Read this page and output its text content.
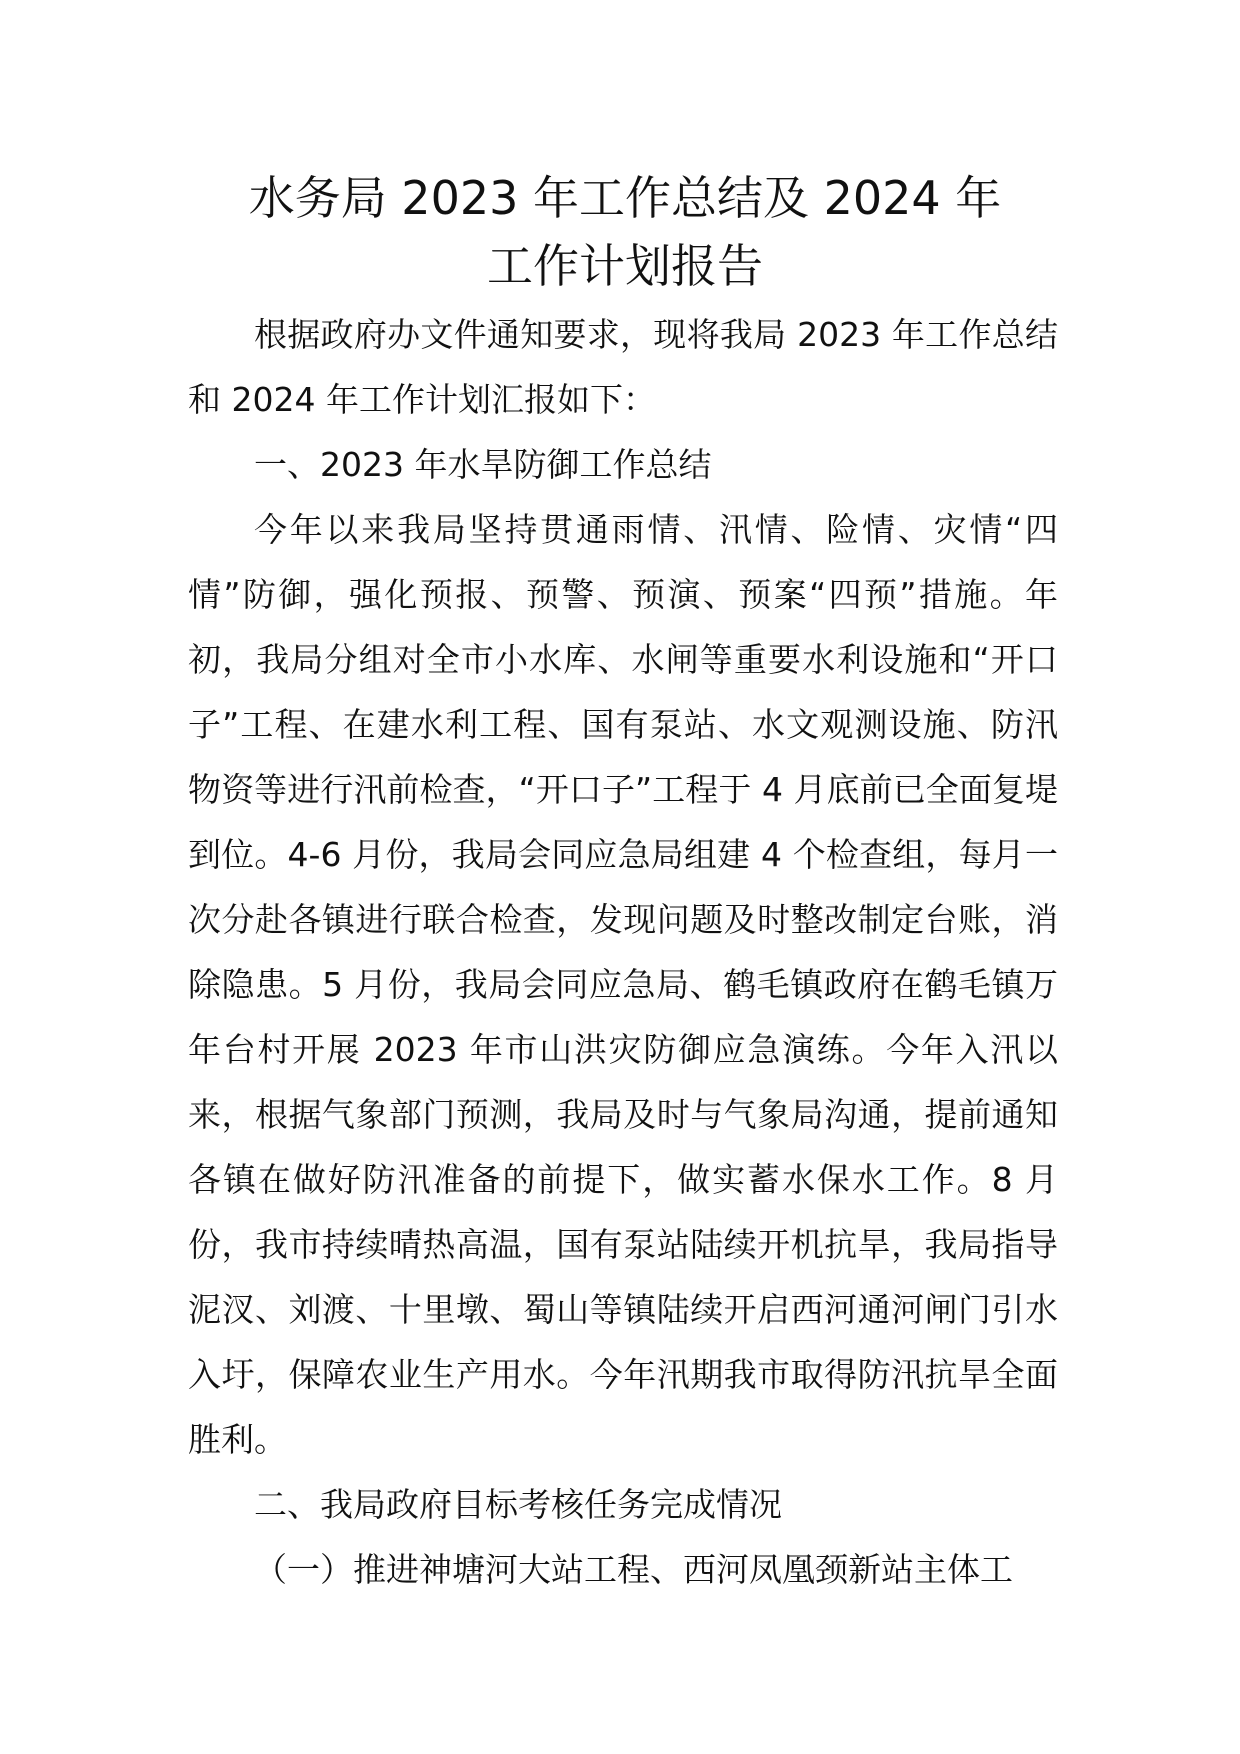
水务局 2023 年工作总结及 2024 年
工作计划报告

根据政府办文件通知要求，现将我局 2023 年工作总结和 2024 年工作计划汇报如下：

一、2023 年水旱防御工作总结

今年以来我局坚持贯通雨情、汛情、险情、灾情“四情”防御，强化预报、预警、预演、预案“四预”措施。年初，我局分组对全市小水库、水闸等重要水利设施和“开口子”工程、在建水利工程、国有泵站、水文观测设施、防汛物资等进行汛前检查，“开口子”工程于 4 月底前已全面复堤到位。4-6 月份，我局会同应急局组建 4 个检查组，每月一次分赴各镇进行联合检查，发现问题及时整改制定台账，消除隐患。5 月份，我局会同应急局、鹤毛镇政府在鹤毛镇万年台村开展 2023 年市山洪灾防御应急演练。今年入汛以来，根据气象部门预测，我局及时与气象局沟通，提前通知各镇在做好防汛准备的前提下，做实蓄水保水工作。8 月份，我市持续晴热高温，国有泵站陆续开机抗旱，我局指导泥汊、刘渡、十里墩、蜀山等镇陆续开启西河通河闸门引水入圩，保障农业生产用水。今年汛期我市取得防汛抗旱全面胜利。

二、我局政府目标考核任务完成情况

（一）推进神塘河大站工程、西河凤凰颈新站主体工
